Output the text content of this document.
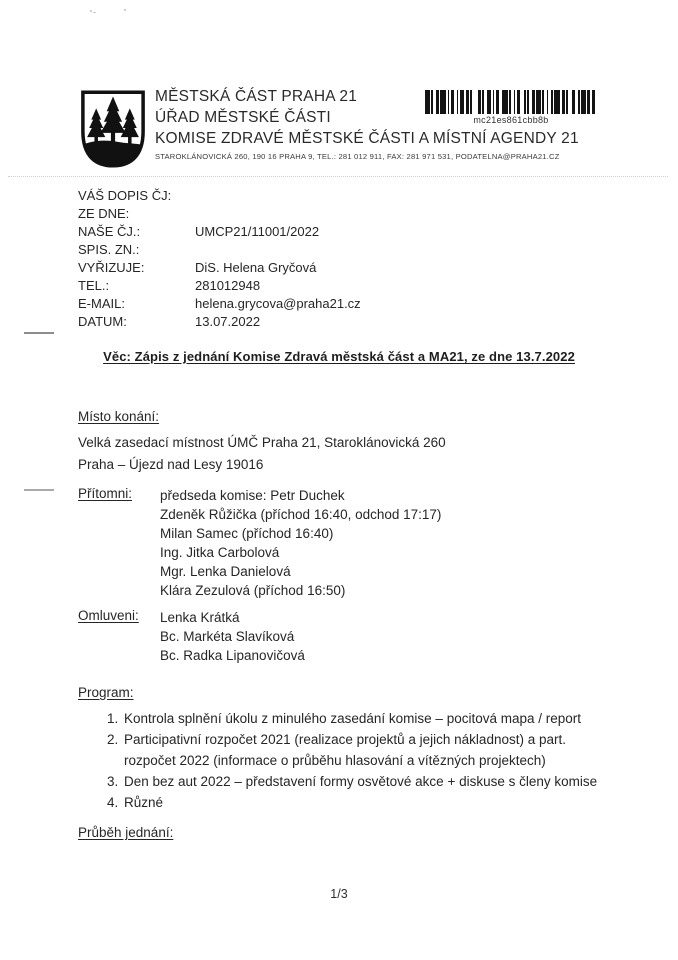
MĚSTSKÁ ČÁST PRAHA 21
ÚŘAD MĚSTSKÉ ČÁSTI
KOMISE ZDRAVÉ MĚSTSKÉ ČÁSTI A MÍSTNÍ AGENDY 21
STAROKLÁNOVICKÁ 260, 190 16 PRAHA 9, TEL.: 281 012 911, FAX: 281 971 531, PODATELNA@PRAHA21.CZ
mc21es861cbb8b
VÁŠ DOPIS ČJ:
ZE DNE:
NAŠE ČJ.:	UMCP21/11001/2022
SPIS. ZN.:
VYŘIZUJE:	DiS. Helena Gryčová
TEL.:	281012948
E-MAIL:	helena.grycova@praha21.cz
DATUM:	13.07.2022
Věc: Zápis z jednání Komise Zdravá městská část a MA21, ze dne 13.7.2022
Místo konání:
Velká zasedací místnost ÚMČ Praha 21, Staroklánovická 260
Praha – Újezd nad Lesy 19016
Přítomni:	předseda komise: Petr Duchek
Zdeněk Růžička (příchod 16:40, odchod 17:17)
Milan Samec (příchod 16:40)
Ing. Jitka Carbolová
Mgr. Lenka Danielová
Klára Zezulová (příchod 16:50)
Omluveni:	Lenka Krátká
Bc. Markéta Slavíková
Bc. Radka Lipanovičová
Program:
1. Kontrola splnění úkolu z minulého zasedání komise – pocitová mapa / report
2. Participativní rozpočet 2021 (realizace projektů a jejich nákladnost) a part. rozpočet 2022 (informace o průběhu hlasování a vítězných projektech)
3. Den bez aut 2022 – představení formy osvětové akce + diskuse s členy komise
4. Různé
Průběh jednání:
1/3
